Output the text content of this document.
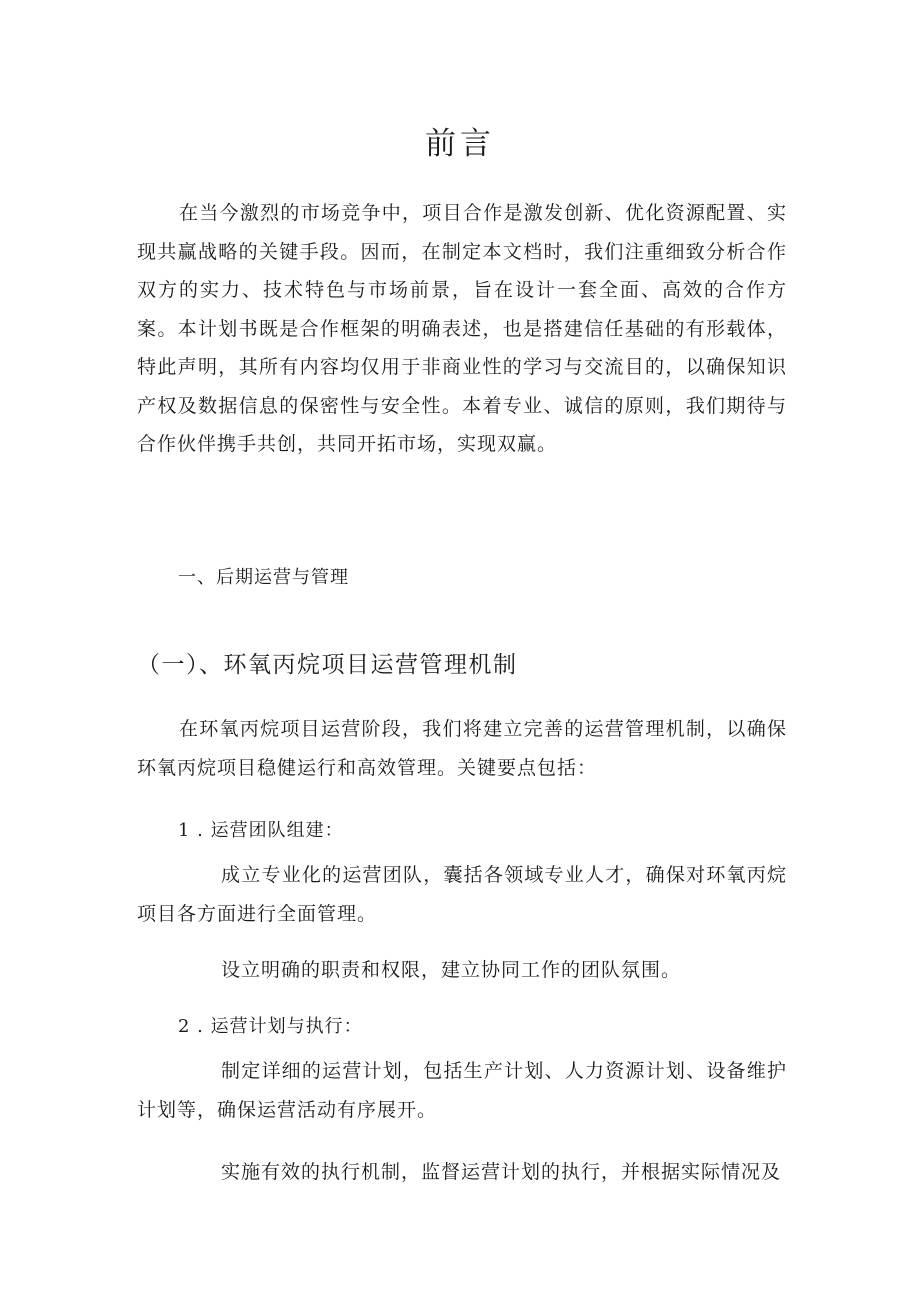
前言

在当今激烈的市场竞争中，项目合作是激发创新、优化资源配置、实现共赢战略的关键手段。因而，在制定本文档时，我们注重细致分析合作双方的实力、技术特色与市场前景，旨在设计一套全面、高效的合作方案。本计划书既是合作框架的明确表述，也是搭建信任基础的有形载体，特此声明，其所有内容均仅用于非商业性的学习与交流目的，以确保知识产权及数据信息的保密性与安全性。本着专业、诚信的原则，我们期待与合作伙伴携手共创，共同开拓市场，实现双赢。

一、后期运营与管理
（一）、环氧丙烷项目运营管理机制

在环氧丙烷项目运营阶段，我们将建立完善的运营管理机制，以确保环氧丙烷项目稳健运行和高效管理。关键要点包括：

1 . 运营团队组建：

成立专业化的运营团队，囊括各领域专业人才，确保对环氧丙烷项目各方面进行全面管理。

设立明确的职责和权限，建立协同工作的团队氛围。

2 . 运营计划与执行：

制定详细的运营计划，包括生产计划、人力资源计划、设备维护计划等，确保运营活动有序展开。

实施有效的执行机制，监督运营计划的执行，并根据实际情况及
